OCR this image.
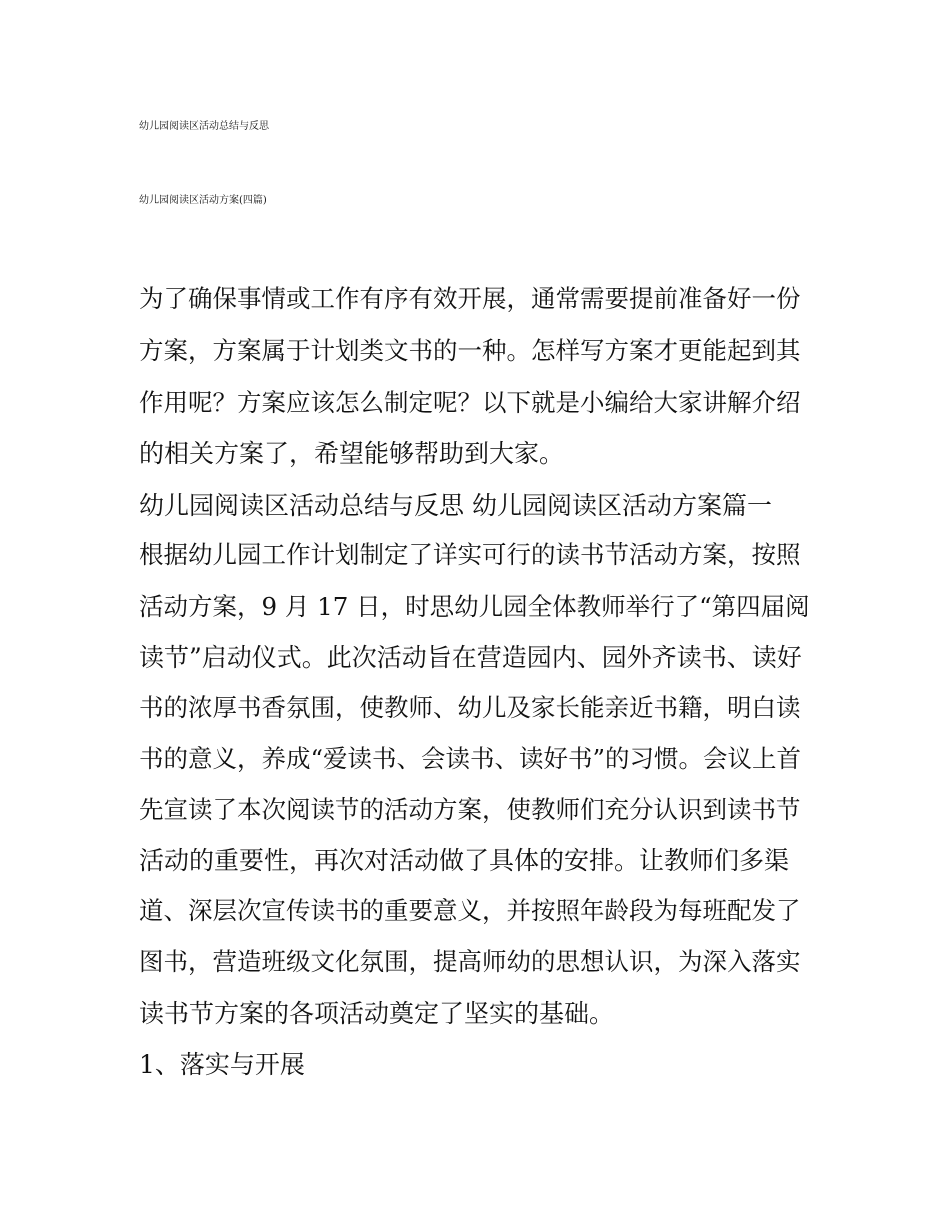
幼儿园阅读区活动总结与反思
幼儿园阅读区活动方案(四篇)

为了确保事情或工作有序有效开展，通常需要提前准备好一份

方案，方案属于计划类文书的一种。怎样写方案才更能起到其

作用呢？方案应该怎么制定呢？以下就是小编给大家讲解介绍

的相关方案了，希望能够帮助到大家。

幼儿园阅读区活动总结与反思 幼儿园阅读区活动方案篇一

根据幼儿园工作计划制定了详实可行的读书节活动方案，按照

活动方案，9 月 17 日，时思幼儿园全体教师举行了“第四届阅

读节”启动仪式。此次活动旨在营造园内、园外齐读书、读好

书的浓厚书香氛围，使教师、幼儿及家长能亲近书籍，明白读

书的意义，养成“爱读书、会读书、读好书”的习惯。会议上首

先宣读了本次阅读节的活动方案，使教师们充分认识到读书节

活动的重要性，再次对活动做了具体的安排。让教师们多渠

道、深层次宣传读书的重要意义，并按照年龄段为每班配发了

图书，营造班级文化氛围，提高师幼的思想认识，为深入落实

读书节方案的各项活动奠定了坚实的基础。

1、落实与开展
